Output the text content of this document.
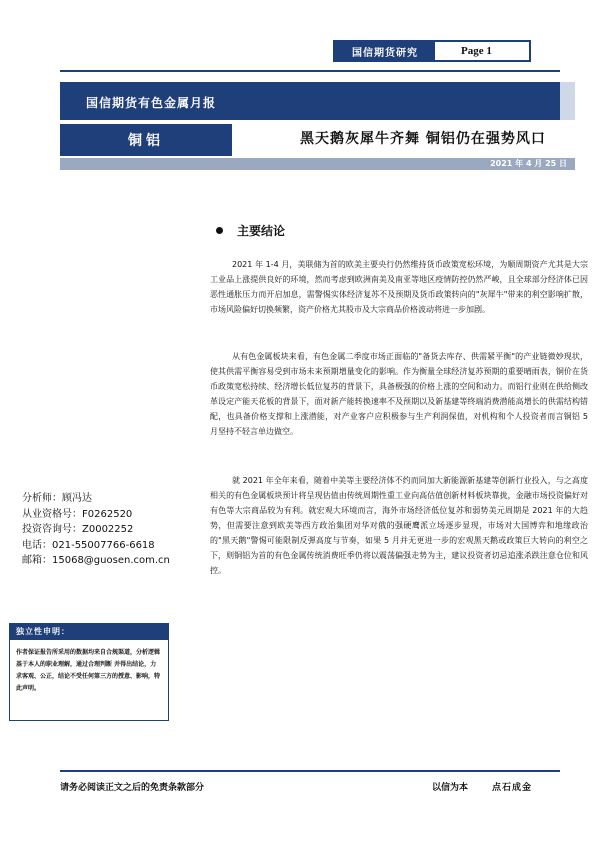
国信期货研究	Page 1
国信期货有色金属月报
铜铝	黑天鹅灰犀牛齐舞 铜铝仍在强势风口
2021 年 4 月 25 日
主要结论

2021 年 1-4 月，美联储为首的欧美主要央行仍然维持货币政策宽松环境，为顺周期资产尤其是大宗工业品上涨提供良好的环境，然而考虑到欧洲南美及南亚等地区疫情防控仍然严峻，且全球部分经济体已因恶性通胀压力而开启加息，需警惕实体经济复苏不及预期及货币政策转向的"灰犀牛"带来的利空影响扩散，市场风险偏好切换频繁，资产价格尤其股市及大宗商品价格波动将进一步加剧。

从有色金属板块来看，有色金属二季度市场正面临的"备货去库存、供需紧平衡"的产业链微妙现状，使其供需平衡容易受到市场未来预期增量变化的影响。作为衡量全球经济复苏预期的重要晴雨表，铜价在货币政策宽松持续、经济增长低位复苏的背景下，具备极强的价格上涨的空间和动力。而铝行业则在供给侧改革设定产能天花板的背景下，面对新产能转换速率不及预期以及新基建等终端消费潜能高增长的供需结构错配，也具备价格支撑和上涨潜能，对产业客户应积极参与生产利润保值，对机构和个人投资者而言铜铝 5 月坚持不轻言单边做空。

就 2021 年全年来看，随着中美等主要经济体不约而同加大新能源新基建等创新行业投入，与之高度相关的有色金属板块预计将呈现估值由传统周期性重工业向高估值创新材料板块靠拢，金融市场投资偏好对有色等大宗商品较为有利。就宏观大环境而言，海外市场经济低位复苏和弱势美元周期是 2021 年的大趋势，但需要注意到欧美等西方政治集团对华对俄的强硬鹰派立场逐步显现，市场对大国博弈和地缘政治的"黑天鹅"警惕可能限制反弹高度与节奏，如果 5 月并无更进一步的宏观黑天鹅或政策巨大转向的利空之下，则铜铝为首的有色金属传统消费旺季仍将以震荡偏强走势为主，建议投资者切忌追涨杀跌注意仓位和风控。

分析师：顾冯达
从业资格号：F0262520
投资咨询号：Z0002252
电话：021-55007766-6618
邮箱：15068@guosen.com.cn
独立性申明：
作者保证报告所采用的数据均来自合规渠道，分析逻辑基于本人的职业理解，通过合理判断 并得出结论，力求客观、公正，结论不受任何第三方的授意、影响，特此声明。
请务必阅读正文之后的免责条款部分	以信为本	点石成金
